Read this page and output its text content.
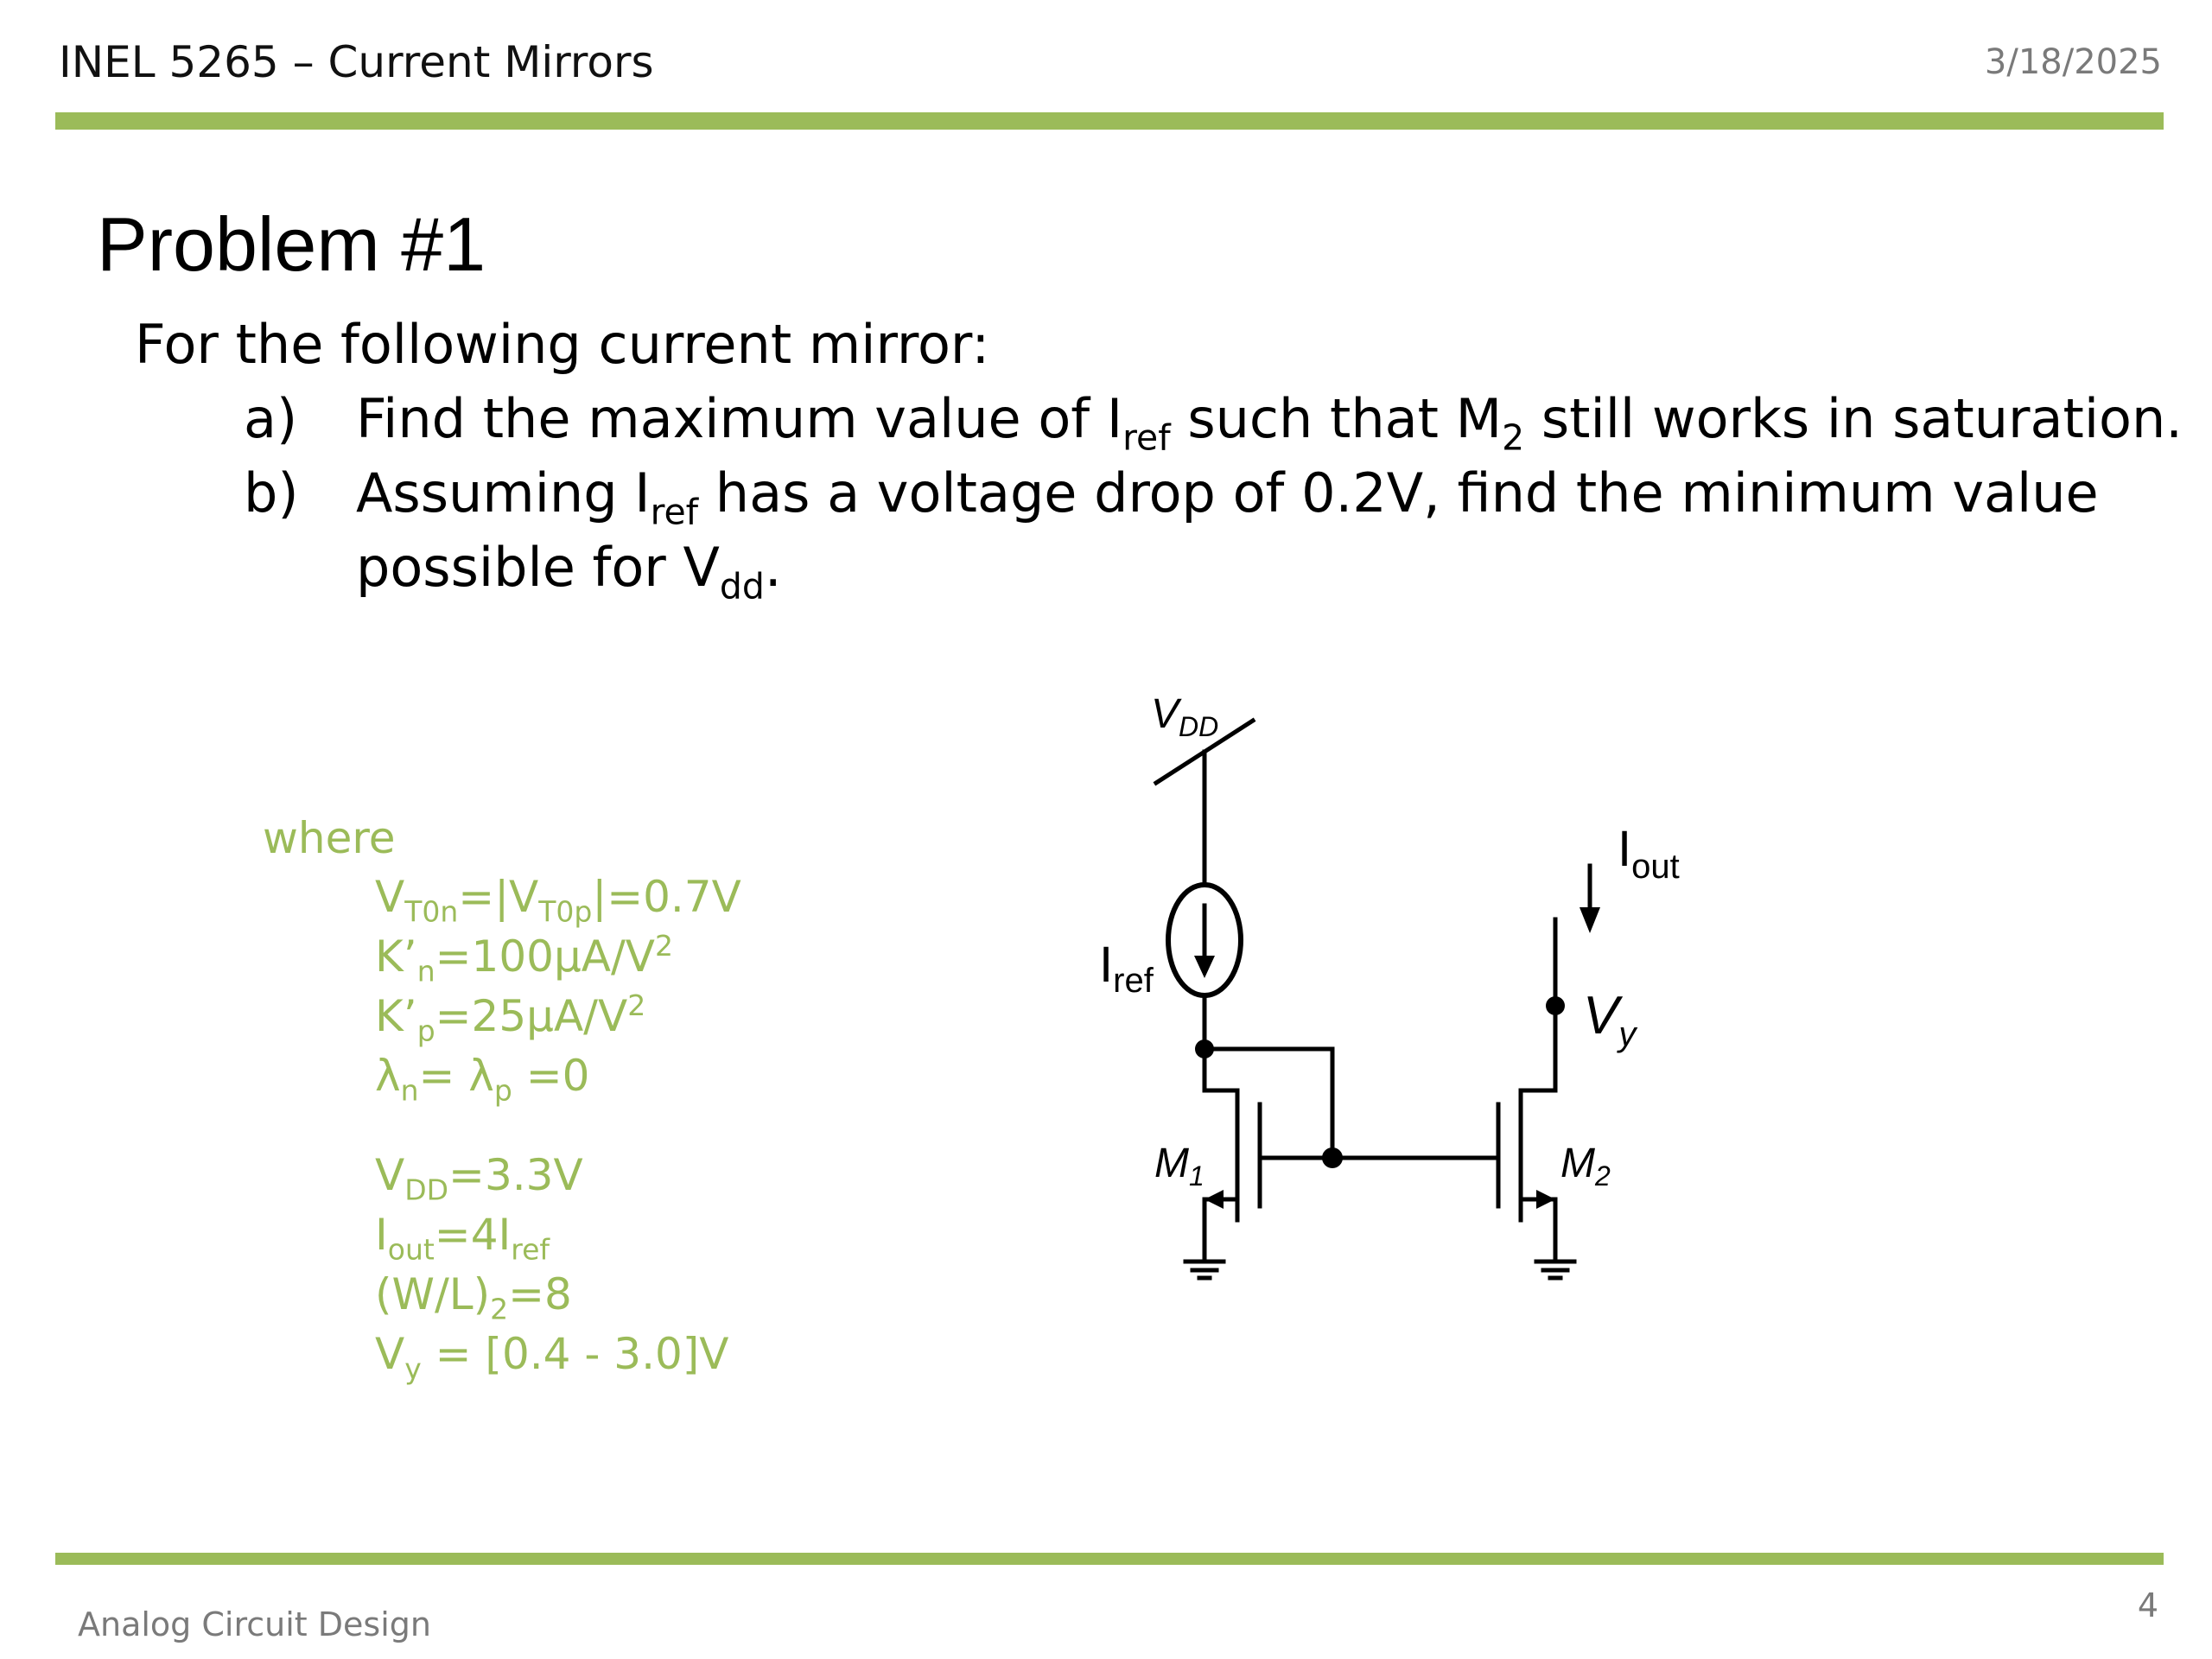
INEL 5265 – Current Mirrors	3/18/2025
Problem #1
For the following current mirror:
a) Find the maximum value of $I_{ref}$ such that $M_2$ still works in saturation.
b) Assuming $I_{ref}$ has a voltage drop of 0.2V, find the minimum value
possible for $V_{dd}$.
where
$V_{T0n}=|V_{T0p}|=0.7V$
$K’_n=100\mu A/V^2$
$K’_p=25\mu A/V^2$
$\lambda_n= \lambda_p =0$
$V_{DD}=3.3V$
$I_{out}=4I_{ref}$
$(W/L)_2=8$
$V_y = [0.4 - 3.0]V$
$V_{DD}$
$I_{ref}$
$I_{out}$
$V_y$
$M_1$	$M_2$
Analog Circuit Design	4
